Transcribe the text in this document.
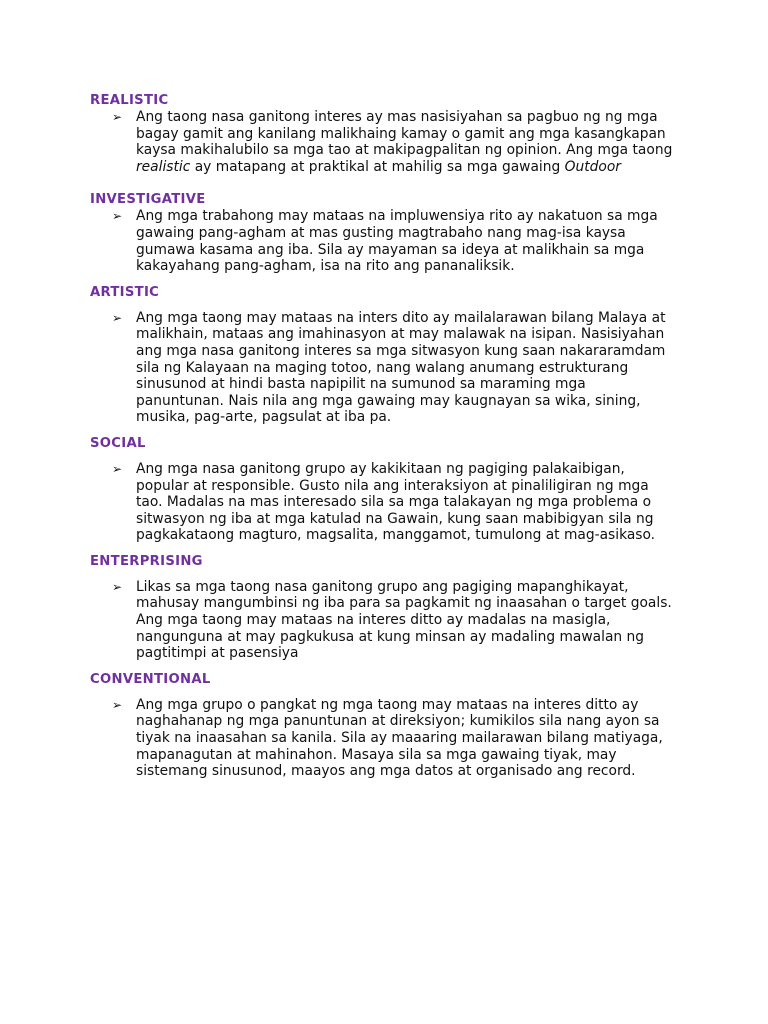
REALISTIC
➢ Ang taong nasa ganitong interes ay mas nasisiyahan sa pagbuo ng ng mga
bagay gamit ang kanilang malikhaing kamay o gamit ang mga kasangkapan
kaysa makihalubilo sa mga tao at makipagpalitan ng opinion. Ang mga taong
realistic ay matapang at praktikal at mahilig sa mga gawaing Outdoor
INVESTIGATIVE
➢ Ang mga trabahong may mataas na impluwensiya rito ay nakatuon sa mga
gawaing pang-agham at mas gusting magtrabaho nang mag-isa kaysa
gumawa kasama ang iba. Sila ay mayaman sa ideya at malikhain sa mga
kakayahang pang-agham, isa na rito ang pananaliksik.
ARTISTIC
➢ Ang mga taong may mataas na inters dito ay mailalarawan bilang Malaya at
malikhain, mataas ang imahinasyon at may malawak na isipan. Nasisiyahan
ang mga nasa ganitong interes sa mga sitwasyon kung saan nakararamdam
sila ng Kalayaan na maging totoo, nang walang anumang estrukturang
sinusunod at hindi basta napipilit na sumunod sa maraming mga
panuntunan. Nais nila ang mga gawaing may kaugnayan sa wika, sining,
musika, pag-arte, pagsulat at iba pa.
SOCIAL
➢ Ang mga nasa ganitong grupo ay kakikitaan ng pagiging palakaibigan,
popular at responsible. Gusto nila ang interaksiyon at pinaliligiran ng mga
tao. Madalas na mas interesado sila sa mga talakayan ng mga problema o
sitwasyon ng iba at mga katulad na Gawain, kung saan mabibigyan sila ng
pagkakataong magturo, magsalita, manggamot, tumulong at mag-asikaso.
ENTERPRISING
➢ Likas sa mga taong nasa ganitong grupo ang pagiging mapanghikayat,
mahusay mangumbinsi ng iba para sa pagkamit ng inaasahan o target goals.
Ang mga taong may mataas na interes ditto ay madalas na masigla,
nangunguna at may pagkukusa at kung minsan ay madaling mawalan ng
pagtitimpi at pasensiya
CONVENTIONAL
➢ Ang mga grupo o pangkat ng mga taong may mataas na interes ditto ay
naghahanap ng mga panuntunan at direksiyon; kumikilos sila nang ayon sa
tiyak na inaasahan sa kanila. Sila ay maaaring mailarawan bilang matiyaga,
mapanagutan at mahinahon. Masaya sila sa mga gawaing tiyak, may
sistemang sinusunod, maayos ang mga datos at organisado ang record.
